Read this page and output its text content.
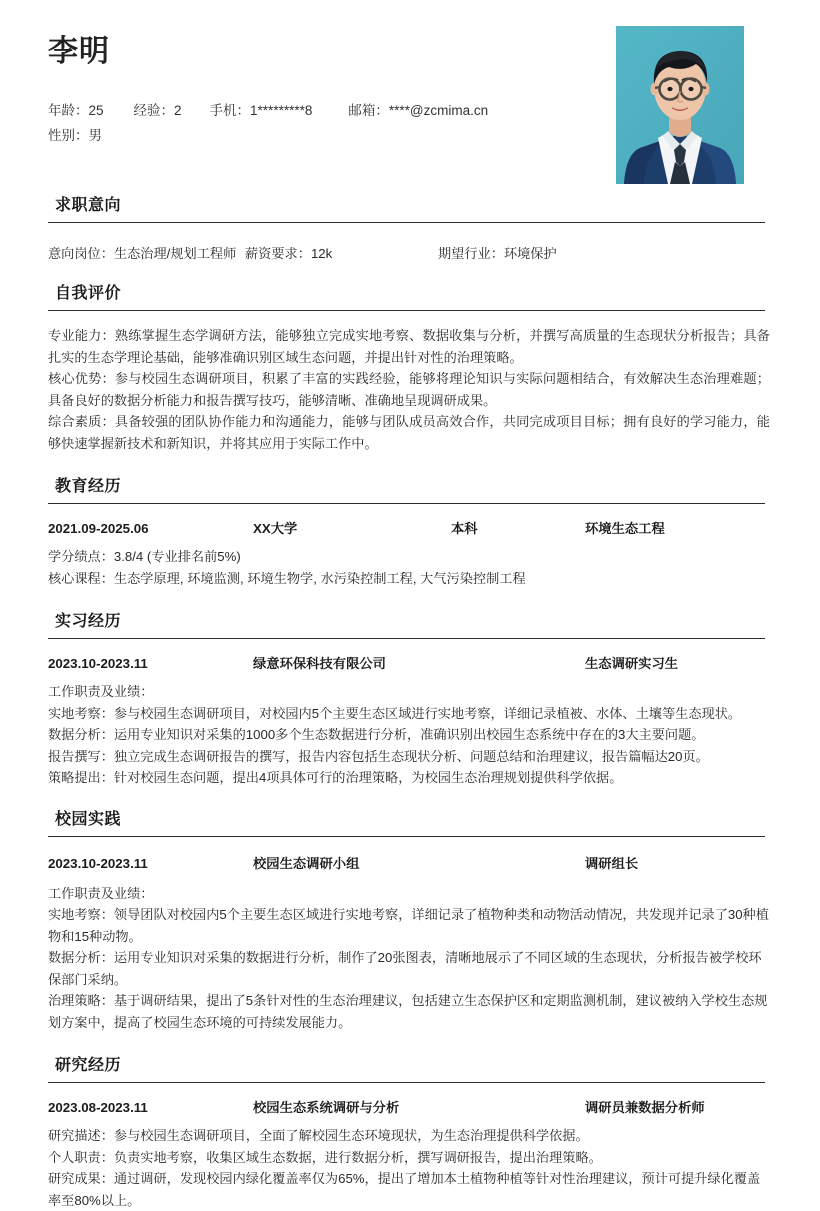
李明
年龄：25 经验：2 手机：1*********8	邮箱：****@zcmima.cn
性别：男
求职意向
意向岗位：生态治理/规划工程师 薪资要求：12k	期望行业：环境保护
自我评价
专业能力：熟练掌握生态学调研方法，能够独立完成实地考察、数据收集与分析，并撰写高质量的生态现状分析报告；具备扎实的生态学理论基础，能够准确识别区域生态问题，并提出针对性的治理策略。
核心优势：参与校园生态调研项目，积累了丰富的实践经验，能够将理论知识与实际问题相结合，有效解决生态治理难题；具备良好的数据分析能力和报告撰写技巧，能够清晰、准确地呈现调研成果。
综合素质：具备较强的团队协作能力和沟通能力，能够与团队成员高效合作，共同完成项目目标；拥有良好的学习能力，能够快速掌握新技术和新知识，并将其应用于实际工作中。
教育经历
2021.09-2025.06	XX大学	本科	环境生态工程
学分绩点：3.8/4 (专业排名前5%)
核心课程：生态学原理, 环境监测, 环境生物学, 水污染控制工程, 大气污染控制工程
实习经历
2023.10-2023.11	绿意环保科技有限公司	生态调研实习生
工作职责及业绩：
实地考察：参与校园生态调研项目，对校园内5个主要生态区域进行实地考察，详细记录植被、水体、土壤等生态现状。
数据分析：运用专业知识对采集的1000多个生态数据进行分析，准确识别出校园生态系统中存在的3大主要问题。
报告撰写：独立完成生态调研报告的撰写，报告内容包括生态现状分析、问题总结和治理建议，报告篇幅达20页。
策略提出：针对校园生态问题，提出4项具体可行的治理策略，为校园生态治理规划提供科学依据。
校园实践
2023.10-2023.11	校园生态调研小组	调研组长
工作职责及业绩：
实地考察：领导团队对校园内5个主要生态区域进行实地考察，详细记录了植物种类和动物活动情况，共发现并记录了30种植物和15种动物。
数据分析：运用专业知识对采集的数据进行分析，制作了20张图表，清晰地展示了不同区域的生态现状，分析报告被学校环保部门采纳。
治理策略：基于调研结果，提出了5条针对性的生态治理建议，包括建立生态保护区和定期监测机制，建议被纳入学校生态规划方案中，提高了校园生态环境的可持续发展能力。
研究经历
2023.08-2023.11	校园生态系统调研与分析	调研员兼数据分析师
研究描述：参与校园生态调研项目，全面了解校园生态环境现状，为生态治理提供科学依据。
个人职责：负责实地考察，收集区域生态数据，进行数据分析，撰写调研报告，提出治理策略。
研究成果：通过调研，发现校园内绿化覆盖率仅为65%，提出了增加本土植物种植等针对性治理建议，预计可提升绿化覆盖率至80%以上。
